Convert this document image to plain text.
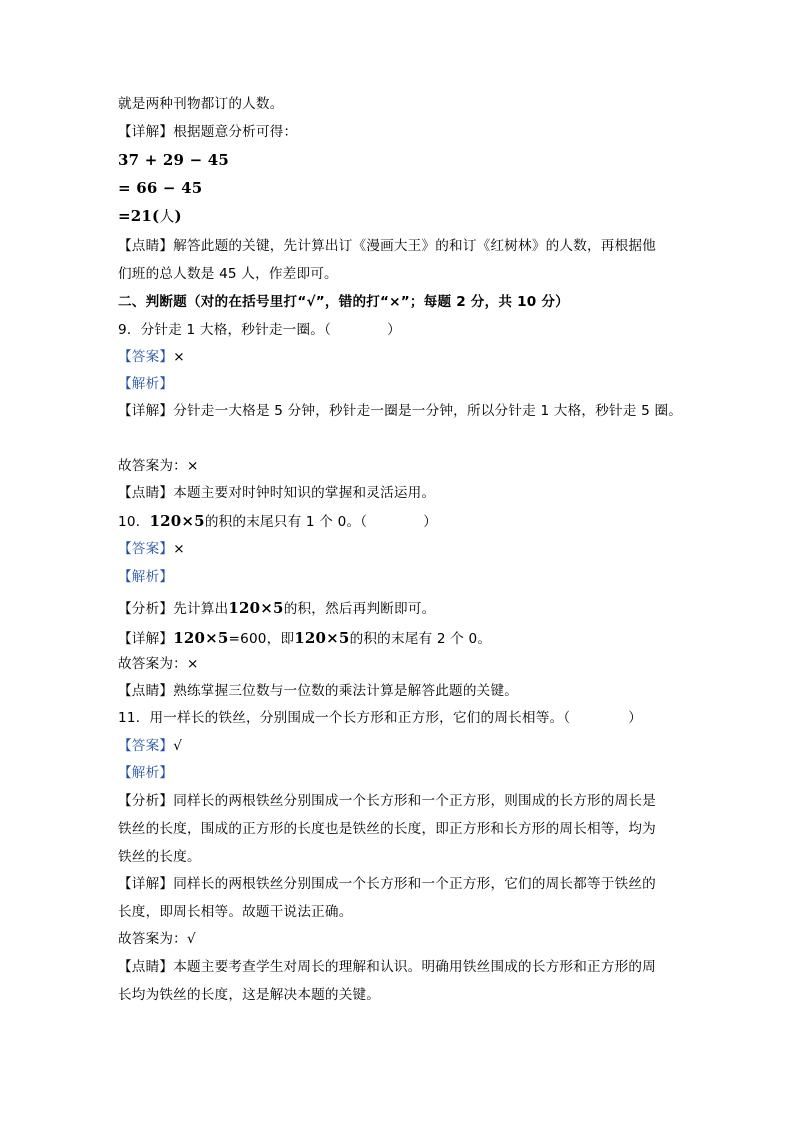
就是两种刊物都订的人数。
【详解】根据题意分析可得：
37 + 29 − 45
= 66 − 45
=21(人)
【点睛】解答此题的关键，先计算出订《漫画大王》的和订《红树林》的人数，再根据他
们班的总人数是 45 人，作差即可。
二、判断题（对的在括号里打“√”，错的打“×”；每题 2 分，共 10 分）
9．分针走 1 大格，秒针走一圈。（	）
【答案】×
【解析】
【详解】分针走一大格是 5 分钟，秒针走一圈是一分钟，所以分针走 1 大格，秒针走 5 圈。
故答案为：×
【点睛】本题主要对时钟时知识的掌握和灵活运用。
10．120×5的积的末尾只有 1 个 0。（	）
【答案】×
【解析】
【分析】先计算出120×5的积，然后再判断即可。
【详解】120×5=600，即120×5的积的末尾有 2 个 0。
故答案为：×
【点睛】熟练掌握三位数与一位数的乘法计算是解答此题的关键。
11．用一样长的铁丝，分别围成一个长方形和正方形，它们的周长相等。（	）
【答案】√
【解析】
【分析】同样长的两根铁丝分别围成一个长方形和一个正方形，则围成的长方形的周长是
铁丝的长度，围成的正方形的长度也是铁丝的长度，即正方形和长方形的周长相等，均为
铁丝的长度。
【详解】同样长的两根铁丝分别围成一个长方形和一个正方形，它们的周长都等于铁丝的
长度，即周长相等。故题干说法正确。
故答案为：√
【点睛】本题主要考查学生对周长的理解和认识。明确用铁丝围成的长方形和正方形的周
长均为铁丝的长度，这是解决本题的关键。
